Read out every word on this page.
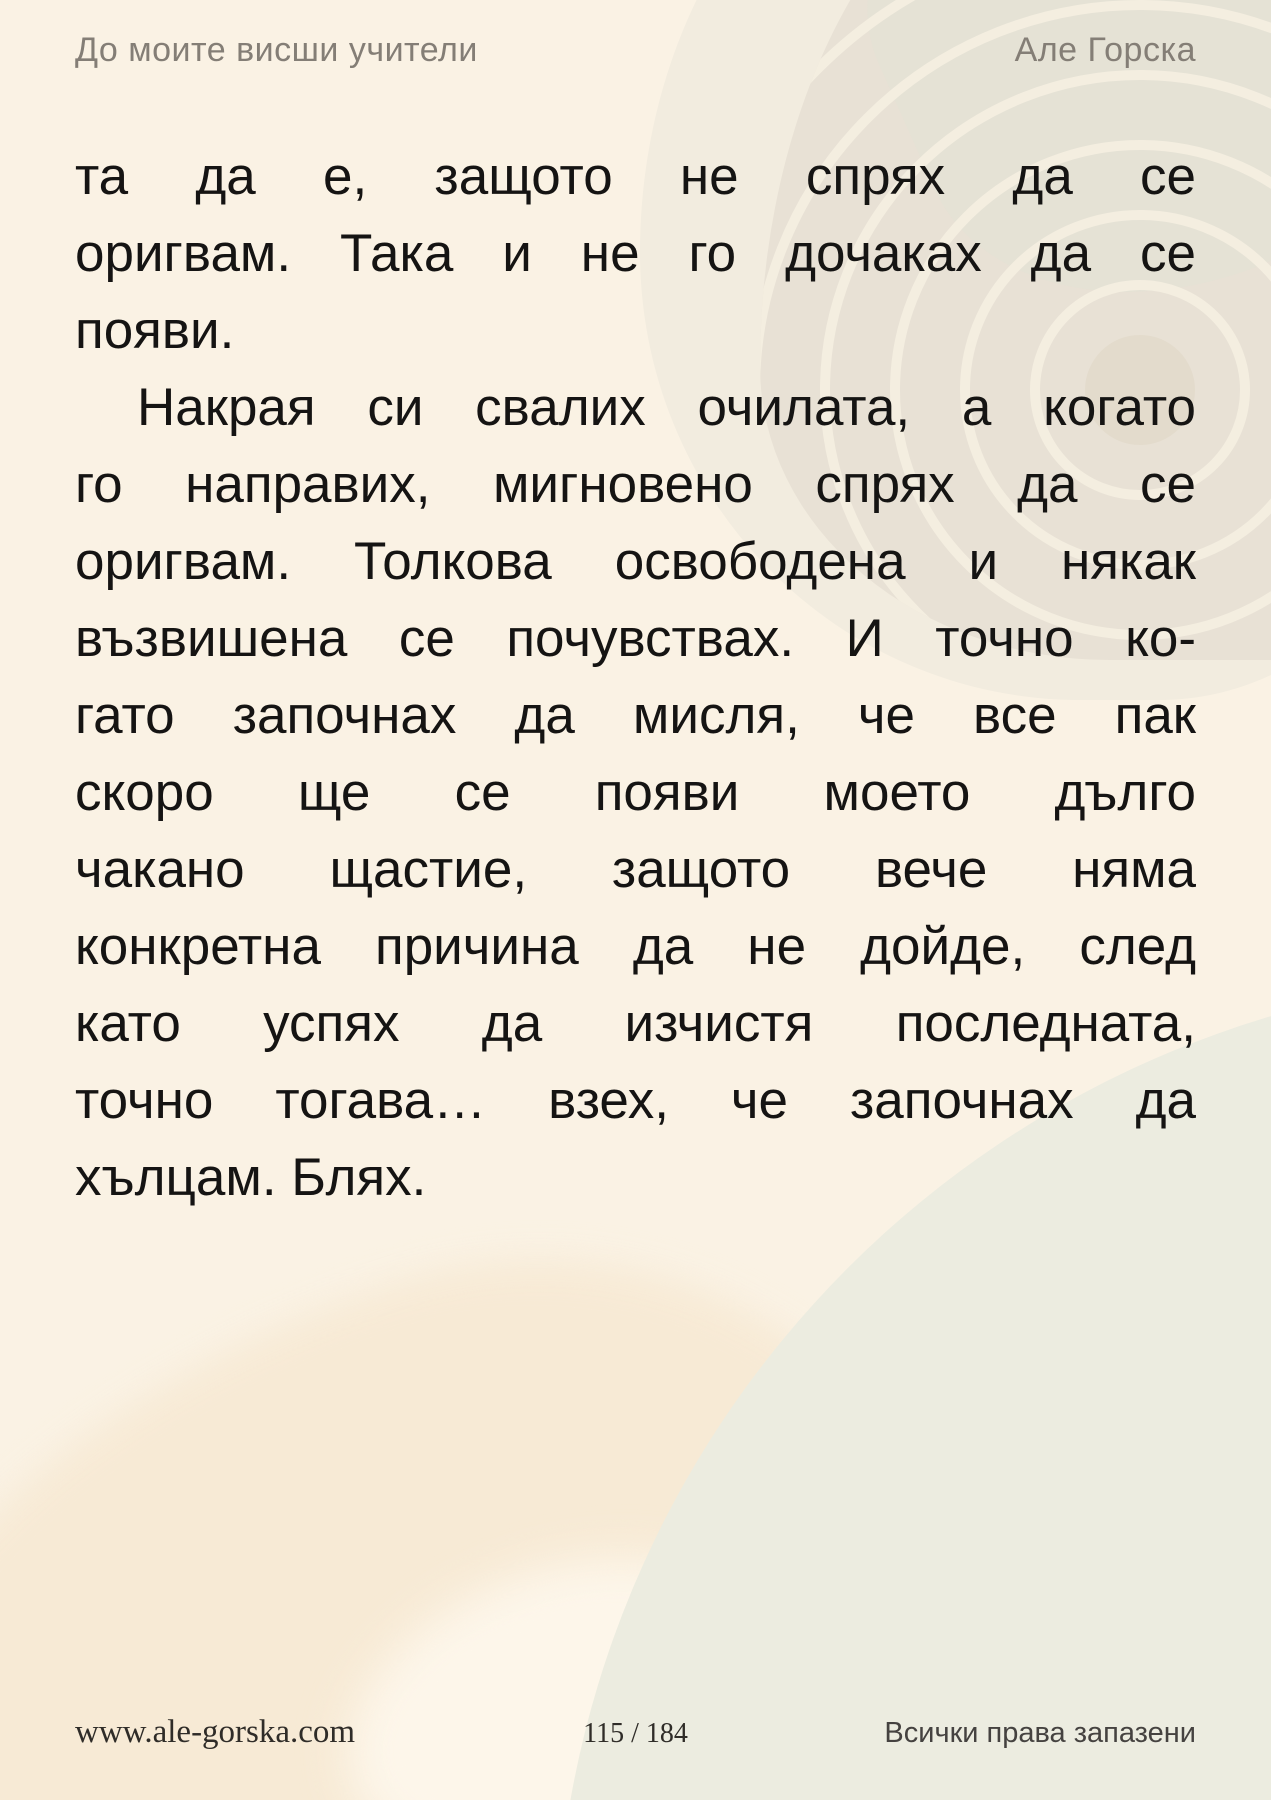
До моите висши учители	Але Горска
та да е, защото не спрях да се
оригвам. Така и не го дочаках да се
появи.
Накрая си свалих очилата, а когато
го направих, мигновено спрях да се
оригвам. Толкова освободена и някак
възвишена се почувствах. И точно ко-
гато започнах да мисля, че все пак
скоро ще се появи моето дълго
чакано щастие, защото вече няма
конкретна причина да не дойде, след
като успях да изчистя последната,
точно тогава… взех, че започнах да
хълцам. Блях.
www.ale-gorska.com	115 / 184	Всички права запазени
